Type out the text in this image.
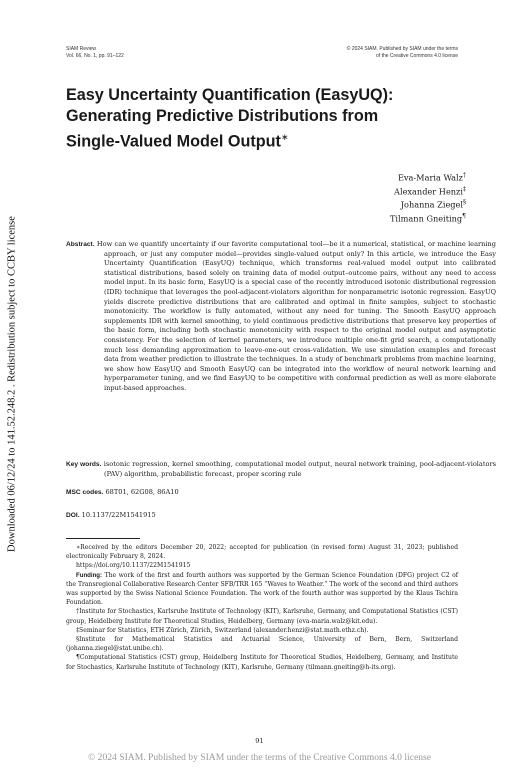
Downloaded 06/12/24 to 141.52.248.2 . Redistribution subject to CCBY license
SIAM Review
Vol. 66, No. 1, pp. 91–122
© 2024 SIAM. Published by SIAM under the terms
of the Creative Commons 4.0 license
Easy Uncertainty Quantification (EasyUQ):
Generating Predictive Distributions from
Single-Valued Model Output∗
Eva-Maria Walz†
Alexander Henzi‡
Johanna Ziegel§
Tilmann Gneiting¶
Abstract. How can we quantify uncertainty if our favorite computational tool—be it a numerical, statistical, or machine learning approach, or just any computer model—provides single-valued output only? In this article, we introduce the Easy Uncertainty Quantification (EasyUQ) technique, which transforms real-valued model output into calibrated statistical distributions, based solely on training data of model output–outcome pairs, without any need to access model input. In its basic form, EasyUQ is a special case of the recently introduced isotonic distributional regression (IDR) technique that leverages the pool-adjacent-violators algorithm for nonparametric isotonic regression. EasyUQ yields discrete predictive distributions that are calibrated and optimal in finite samples, subject to stochastic monotonicity. The workflow is fully automated, without any need for tuning. The Smooth EasyUQ approach supplements IDR with kernel smoothing, to yield continuous predictive distributions that preserve key properties of the basic form, including both stochastic monotonicity with respect to the original model output and asymptotic consistency. For the selection of kernel parameters, we introduce multiple one-fit grid search, a computationally much less demanding approximation to leave-one-out cross-validation. We use simulation examples and forecast data from weather prediction to illustrate the techniques. In a study of benchmark problems from machine learning, we show how EasyUQ and Smooth EasyUQ can be integrated into the workflow of neural network learning and hyperparameter tuning, and we find EasyUQ to be competitive with conformal prediction as well as more elaborate input-based approaches.
Key words. isotonic regression, kernel smoothing, computational model output, neural network training, pool-adjacent-violators (PAV) algorithm, probabilistic forecast, proper scoring rule
MSC codes. 68T01, 62G08, 86A10
DOI. 10.1137/22M1541915

∗Received by the editors December 20, 2022; accepted for publication (in revised form) August 31, 2023; published electronically February 8, 2024.

https://doi.org/10.1137/22M1541915

Funding: The work of the first and fourth authors was supported by the German Science Foundation (DFG) project C2 of the Transregional Collaborative Research Center SFB/TRR 165 “Waves to Weather.” The work of the second and third authors was supported by the Swiss National Science Foundation. The work of the fourth author was supported by the Klaus Tschira Foundation.

†Institute for Stochastics, Karlsruhe Institute of Technology (KIT), Karlsruhe, Germany, and Computational Statistics (CST) group, Heidelberg Institute for Theoretical Studies, Heidelberg, Germany (eva-maria.walz@kit.edu).

‡Seminar for Statistics, ETH Zürich, Zürich, Switzerland (alexander.henzi@stat.math.ethz.ch).

§Institute for Mathematical Statistics and Actuarial Science, University of Bern, Bern, Switzerland (johanna.ziegel@stat.unibe.ch).

¶Computational Statistics (CST) group, Heidelberg Institute for Theoretical Studies, Heidelberg, Germany, and Institute for Stochastics, Karlsruhe Institute of Technology (KIT), Karlsruhe, Germany (tilmann.gneiting@h-its.org).

91
© 2024 SIAM. Published by SIAM under the terms of the Creative Commons 4.0 license
